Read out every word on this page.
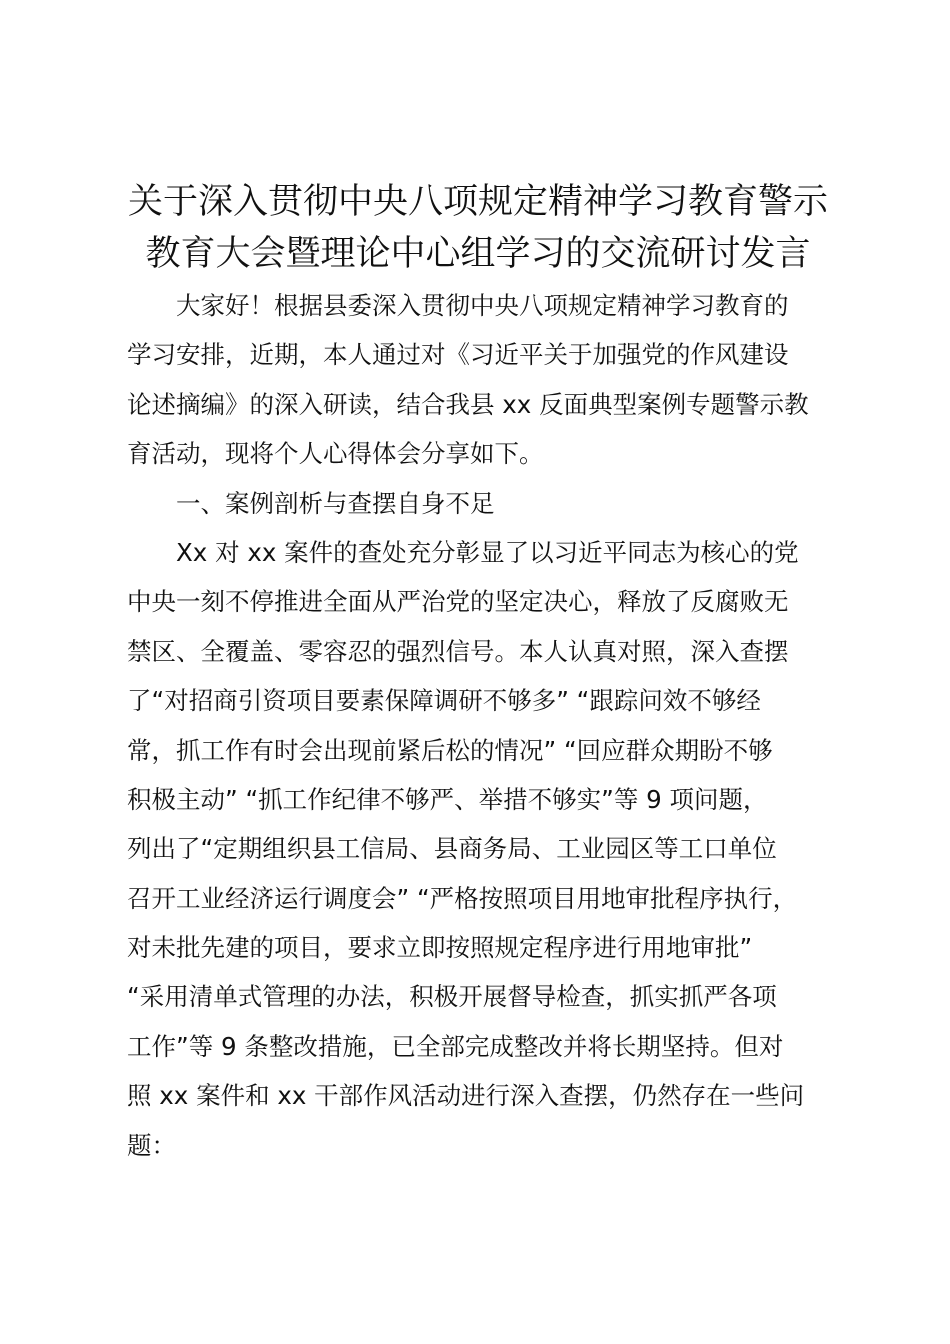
关于深入贯彻中央八项规定精神学习教育警示
教育大会暨理论中心组学习的交流研讨发言
大家好！根据县委深入贯彻中央八项规定精神学习教育的
学习安排，近期，本人通过对《习近平关于加强党的作风建设
论述摘编》的深入研读，结合我县 xx 反面典型案例专题警示教
育活动，现将个人心得体会分享如下。
一、案例剖析与查摆自身不足
Xx 对 xx 案件的查处充分彰显了以习近平同志为核心的党
中央一刻不停推进全面从严治党的坚定决心，释放了反腐败无
禁区、全覆盖、零容忍的强烈信号。本人认真对照，深入查摆
了“对招商引资项目要素保障调研不够多” “跟踪问效不够经
常，抓工作有时会出现前紧后松的情况” “回应群众期盼不够
积极主动” “抓工作纪律不够严、举措不够实”等 9 项问题，
列出了“定期组织县工信局、县商务局、工业园区等工口单位
召开工业经济运行调度会” “严格按照项目用地审批程序执行，
对未批先建的项目，要求立即按照规定程序进行用地审批”
“采用清单式管理的办法，积极开展督导检查，抓实抓严各项
工作”等 9 条整改措施，已全部完成整改并将长期坚持。但对
照 xx 案件和 xx 干部作风活动进行深入查摆，仍然存在一些问
题：
